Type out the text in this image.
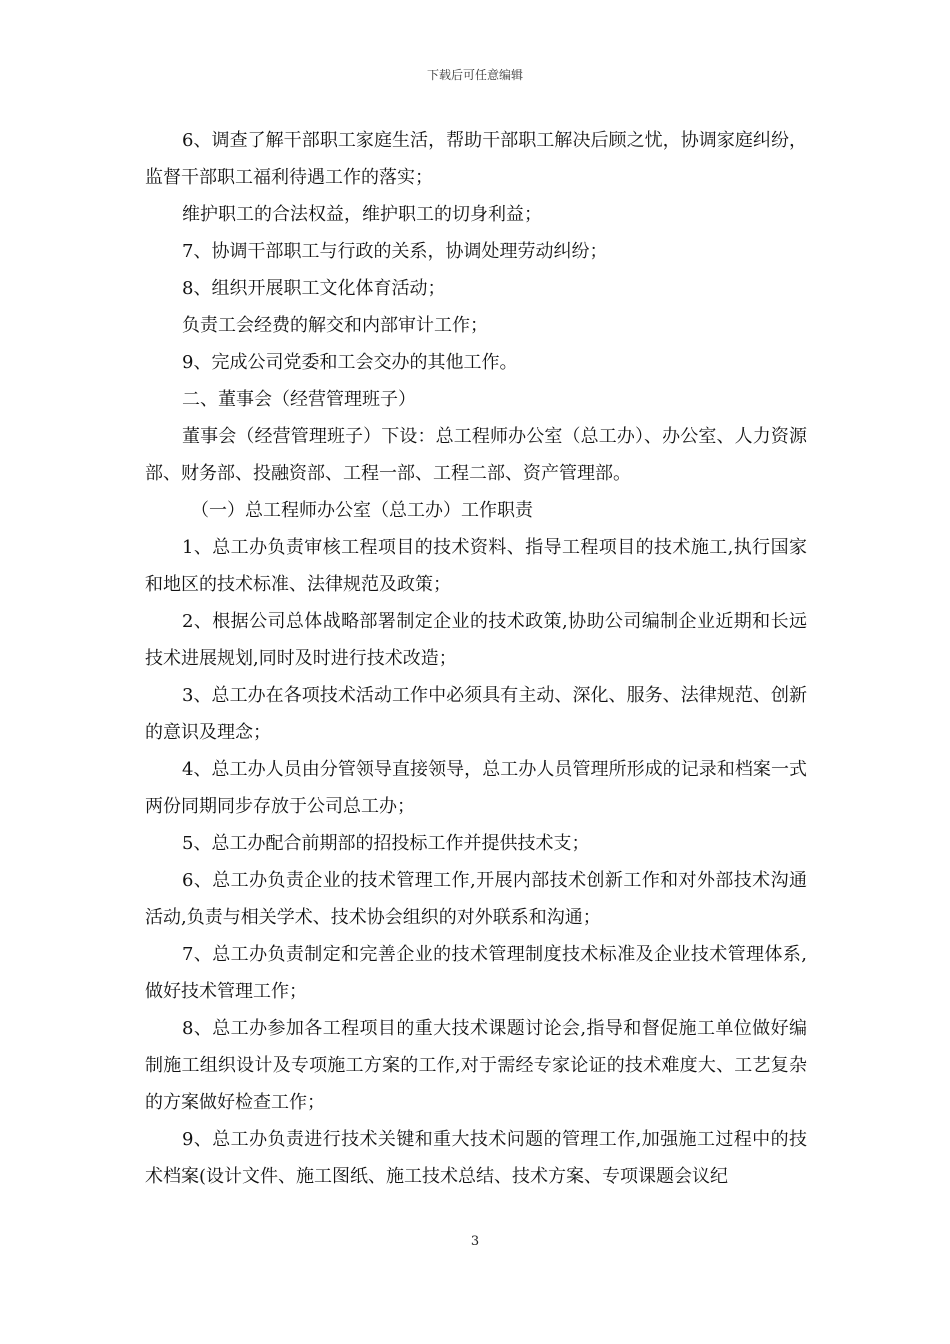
下载后可任意编辑

6、调查了解干部职工家庭生活，帮助干部职工解决后顾之忧，协调家庭纠纷，监督干部职工福利待遇工作的落实；

维护职工的合法权益，维护职工的切身利益；

7、协调干部职工与行政的关系，协调处理劳动纠纷；

8、组织开展职工文化体育活动；

负责工会经费的解交和内部审计工作；

9、完成公司党委和工会交办的其他工作。

二、董事会（经营管理班子）

董事会（经营管理班子）下设：总工程师办公室（总工办）、办公室、人力资源部、财务部、投融资部、工程一部、工程二部、资产管理部。

（一）总工程师办公室（总工办）工作职责

1、总工办负责审核工程项目的技术资料、指导工程项目的技术施工,执行国家和地区的技术标准、法律规范及政策；

2、根据公司总体战略部署制定企业的技术政策,协助公司编制企业近期和长远技术进展规划,同时及时进行技术改造；

3、总工办在各项技术活动工作中必须具有主动、深化、服务、法律规范、创新的意识及理念；

4、总工办人员由分管领导直接领导，总工办人员管理所形成的记录和档案一式两份同期同步存放于公司总工办；

5、总工办配合前期部的招投标工作并提供技术支；

6、总工办负责企业的技术管理工作,开展内部技术创新工作和对外部技术沟通活动,负责与相关学术、技术协会组织的对外联系和沟通；

7、总工办负责制定和完善企业的技术管理制度技术标准及企业技术管理体系,做好技术管理工作；

8、总工办参加各工程项目的重大技术课题讨论会,指导和督促施工单位做好编制施工组织设计及专项施工方案的工作,对于需经专家论证的技术难度大、工艺复杂的方案做好检查工作；

9、总工办负责进行技术关键和重大技术问题的管理工作,加强施工过程中的技术档案(设计文件、施工图纸、施工技术总结、技术方案、专项课题会议纪

3
